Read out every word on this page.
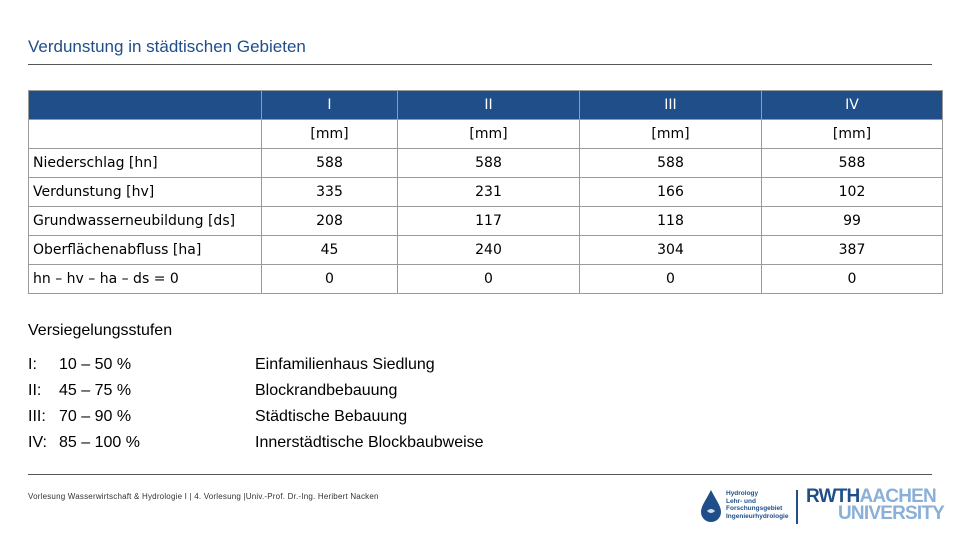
Verdunstung in städtischen Gebieten
	I	II	III	IV
	[mm]	[mm]	[mm]	[mm]
Niederschlag [hn]	588	588	588	588
Verdunstung [hv]	335	231	166	102
Grundwasserneubildung [ds]	208	117	118	99
Oberflächenabfluss [ha]	45	240	304	387
hn – hv – ha – ds = 0	0	0	0	0
Versiegelungsstufen
I: 10 – 50 %	Einfamilienhaus Siedlung
II: 45 – 75 %	Blockrandbebauung
III: 70 – 90 %	Städtische Bebauung
IV: 85 – 100 %	Innerstädtische Blockbaubweise
Vorlesung Wasserwirtschaft & Hydrologie I | 4. Vorlesung |Univ.-Prof. Dr.-Ing. Heribert Nacken	Hydrology
Lehr- und
Forschungsgebiet
Ingenieurhydrologie
RWTHAACHEN
UNIVERSITY
